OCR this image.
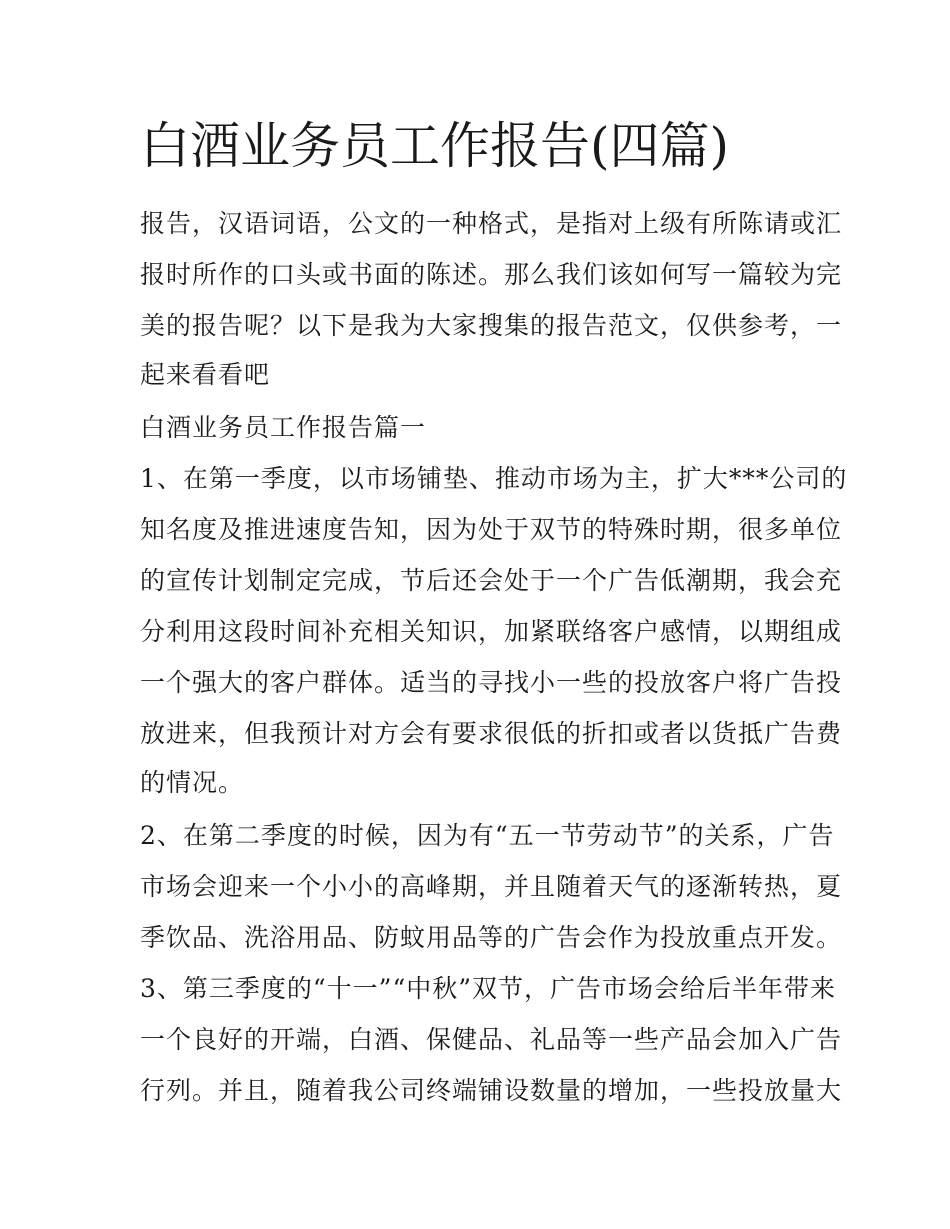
白酒业务员工作报告(四篇)

报告，汉语词语，公文的一种格式，是指对上级有所陈请或汇

报时所作的口头或书面的陈述。那么我们该如何写一篇较为完

美的报告呢？以下是我为大家搜集的报告范文，仅供参考，一

起来看看吧

白酒业务员工作报告篇一

1、在第一季度，以市场铺垫、推动市场为主，扩大***公司的

知名度及推进速度告知，因为处于双节的特殊时期，很多单位

的宣传计划制定完成，节后还会处于一个广告低潮期，我会充

分利用这段时间补充相关知识，加紧联络客户感情，以期组成

一个强大的客户群体。适当的寻找小一些的投放客户将广告投

放进来，但我预计对方会有要求很低的折扣或者以货抵广告费

的情况。

2、在第二季度的时候，因为有“五一节劳动节”的关系，广告

市场会迎来一个小小的高峰期，并且随着天气的逐渐转热，夏

季饮品、洗浴用品、防蚊用品等的广告会作为投放重点开发。

3、第三季度的“十一”“中秋”双节，广告市场会给后半年带来

一个良好的开端，白酒、保健品、礼品等一些产品会加入广告

行列。并且，随着我公司终端铺设数量的增加，一些投放量大
